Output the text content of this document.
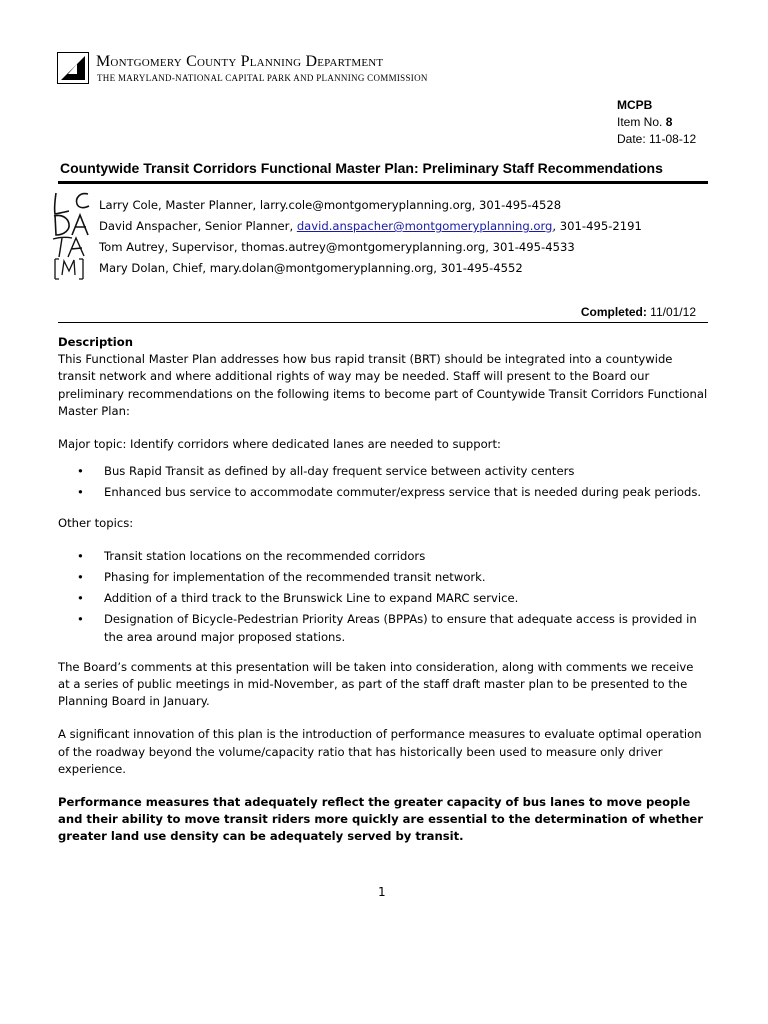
Montgomery County Planning Department
THE MARYLAND-NATIONAL CAPITAL PARK AND PLANNING COMMISSION
MCPB
Item No. 8
Date: 11-08-12
Countywide Transit Corridors Functional Master Plan: Preliminary Staff Recommendations
Larry Cole, Master Planner, larry.cole@montgomeryplanning.org, 301-495-4528
David Anspacher, Senior Planner, david.anspacher@montgomeryplanning.org, 301-495-2191
Tom Autrey, Supervisor, thomas.autrey@montgomeryplanning.org, 301-495-4533
Mary Dolan, Chief, mary.dolan@montgomeryplanning.org, 301-495-4552
Completed: 11/01/12

Description

This Functional Master Plan addresses how bus rapid transit (BRT) should be integrated into a countywide transit network and where additional rights of way may be needed. Staff will present to the Board our preliminary recommendations on the following items to become part of Countywide Transit Corridors Functional Master Plan:

Major topic: Identify corridors where dedicated lanes are needed to support:

• Bus Rapid Transit as defined by all-day frequent service between activity centers
• Enhanced bus service to accommodate commuter/express service that is needed during peak periods.

Other topics:

• Transit station locations on the recommended corridors
• Phasing for implementation of the recommended transit network.
• Addition of a third track to the Brunswick Line to expand MARC service.
• Designation of Bicycle-Pedestrian Priority Areas (BPPAs) to ensure that adequate access is provided in the area around major proposed stations.

The Board’s comments at this presentation will be taken into consideration, along with comments we receive at a series of public meetings in mid-November, as part of the staff draft master plan to be presented to the Planning Board in January.

A significant innovation of this plan is the introduction of performance measures to evaluate optimal operation of the roadway beyond the volume/capacity ratio that has historically been used to measure only driver experience.

Performance measures that adequately reflect the greater capacity of bus lanes to move people and their ability to move transit riders more quickly are essential to the determination of whether greater land use density can be adequately served by transit.

1
